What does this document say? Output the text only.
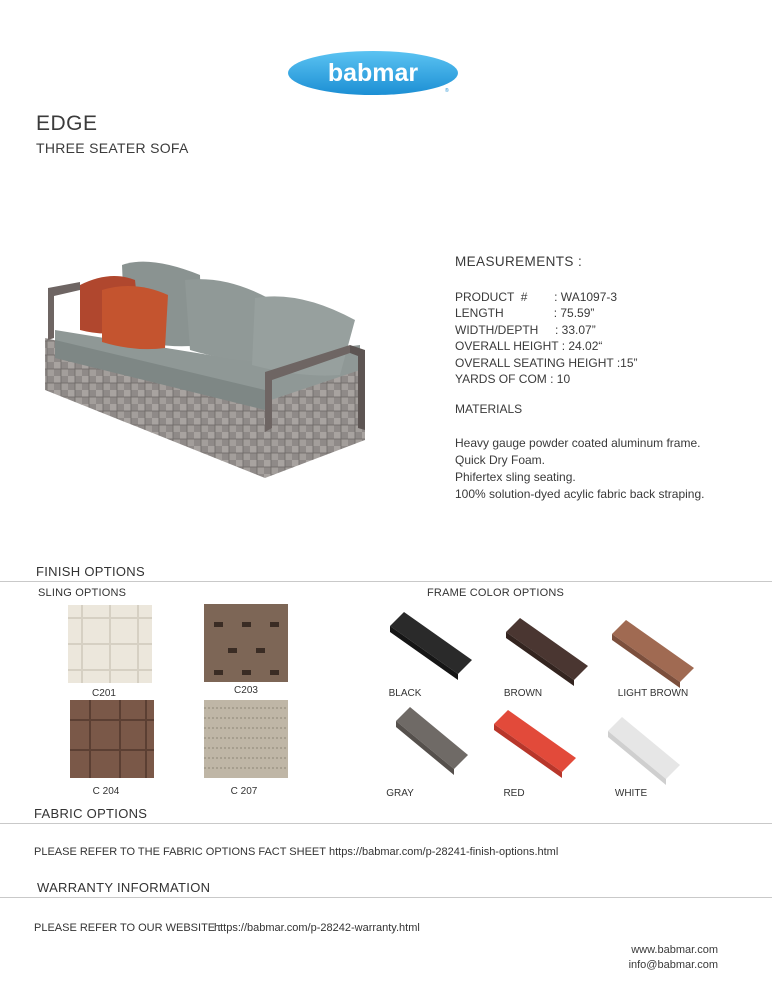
babmar
®
EDGE
THREE SEATER SOFA
MEASUREMENTS :
PRODUCT  # : WA1097-3
LENGTH : 75.59”
WIDTH/DEPTH : 33.07”
OVERALL HEIGHT : 24.02“
OVERALL SEATING HEIGHT :15”
YARDS OF COM : 10
MATERIALS
Heavy gauge powder coated aluminum frame.
Quick Dry Foam.
Phifertex sling seating.
100% solution-dyed acylic fabric back straping.
FINISH OPTIONS
SLING OPTIONS	FRAME COLOR OPTIONS
C201	C203
C 204	C 207
BLACK	BROWN	LIGHT BROWN
GRAY	RED	WHITE
FABRIC OPTIONS
PLEASE REFER TO THE FABRIC OPTIONS FACT SHEET   :
https://babmar.com/p-28241-finish-options.html
WARRANTY INFORMATION
PLEASE REFER TO OUR WEBSITE :
https://babmar.com/p-28242-warranty.html
www.babmar.com
info@babmar.com
